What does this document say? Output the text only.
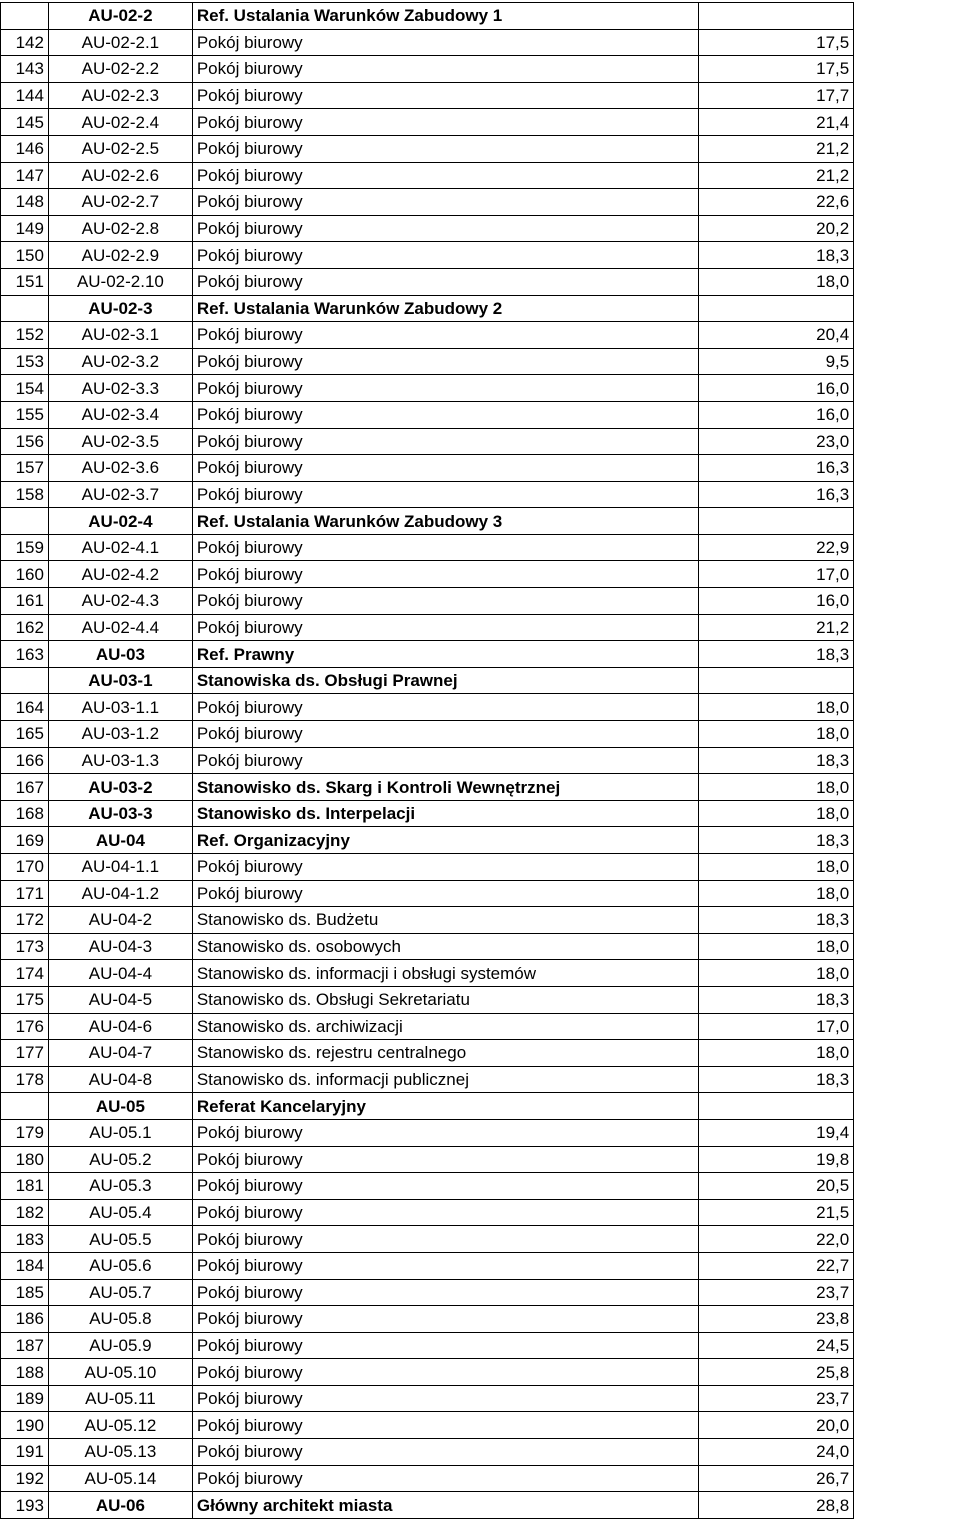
	AU-02-2	Ref. Ustalania Warunków Zabudowy 1	
142	AU-02-2.1	Pokój biurowy	17,5
143	AU-02-2.2	Pokój biurowy	17,5
144	AU-02-2.3	Pokój biurowy	17,7
145	AU-02-2.4	Pokój biurowy	21,4
146	AU-02-2.5	Pokój biurowy	21,2
147	AU-02-2.6	Pokój biurowy	21,2
148	AU-02-2.7	Pokój biurowy	22,6
149	AU-02-2.8	Pokój biurowy	20,2
150	AU-02-2.9	Pokój biurowy	18,3
151	AU-02-2.10	Pokój biurowy	18,0
	AU-02-3	Ref. Ustalania Warunków Zabudowy 2	
152	AU-02-3.1	Pokój biurowy	20,4
153	AU-02-3.2	Pokój biurowy	9,5
154	AU-02-3.3	Pokój biurowy	16,0
155	AU-02-3.4	Pokój biurowy	16,0
156	AU-02-3.5	Pokój biurowy	23,0
157	AU-02-3.6	Pokój biurowy	16,3
158	AU-02-3.7	Pokój biurowy	16,3
	AU-02-4	Ref. Ustalania Warunków Zabudowy 3	
159	AU-02-4.1	Pokój biurowy	22,9
160	AU-02-4.2	Pokój biurowy	17,0
161	AU-02-4.3	Pokój biurowy	16,0
162	AU-02-4.4	Pokój biurowy	21,2
163	AU-03	Ref. Prawny	18,3
	AU-03-1	Stanowiska ds. Obsługi Prawnej	
164	AU-03-1.1	Pokój biurowy	18,0
165	AU-03-1.2	Pokój biurowy	18,0
166	AU-03-1.3	Pokój biurowy	18,3
167	AU-03-2	Stanowisko ds. Skarg i Kontroli Wewnętrznej	18,0
168	AU-03-3	Stanowisko ds. Interpelacji	18,0
169	AU-04	Ref. Organizacyjny	18,3
170	AU-04-1.1	Pokój biurowy	18,0
171	AU-04-1.2	Pokój biurowy	18,0
172	AU-04-2	Stanowisko ds. Budżetu	18,3
173	AU-04-3	Stanowisko ds. osobowych	18,0
174	AU-04-4	Stanowisko ds. informacji i obsługi systemów	18,0
175	AU-04-5	Stanowisko ds. Obsługi Sekretariatu	18,3
176	AU-04-6	Stanowisko ds. archiwizacji	17,0
177	AU-04-7	Stanowisko ds. rejestru centralnego	18,0
178	AU-04-8	Stanowisko ds. informacji publicznej	18,3
	AU-05	Referat Kancelaryjny	
179	AU-05.1	Pokój biurowy	19,4
180	AU-05.2	Pokój biurowy	19,8
181	AU-05.3	Pokój biurowy	20,5
182	AU-05.4	Pokój biurowy	21,5
183	AU-05.5	Pokój biurowy	22,0
184	AU-05.6	Pokój biurowy	22,7
185	AU-05.7	Pokój biurowy	23,7
186	AU-05.8	Pokój biurowy	23,8
187	AU-05.9	Pokój biurowy	24,5
188	AU-05.10	Pokój biurowy	25,8
189	AU-05.11	Pokój biurowy	23,7
190	AU-05.12	Pokój biurowy	20,0
191	AU-05.13	Pokój biurowy	24,0
192	AU-05.14	Pokój biurowy	26,7
193	AU-06	Główny architekt miasta	28,8
